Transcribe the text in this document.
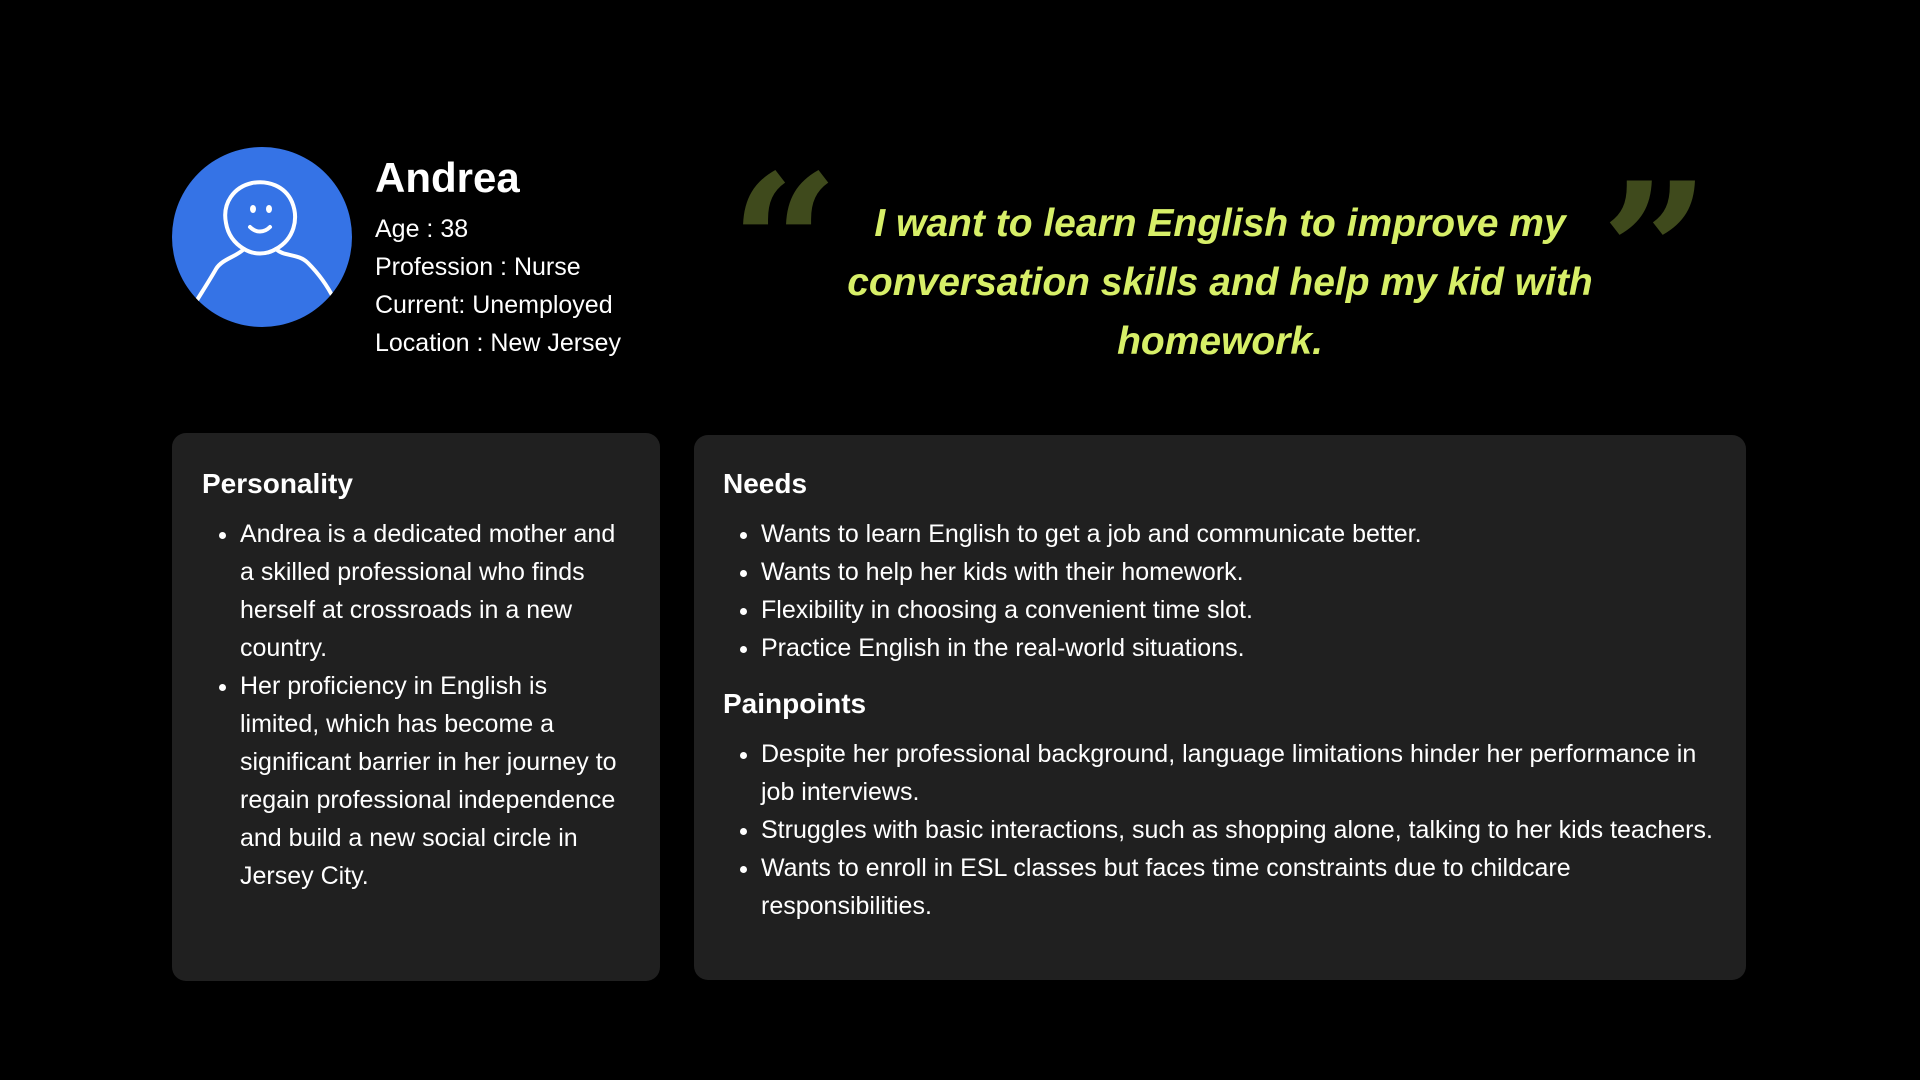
Andrea
Age : 38
Profession : Nurse
Current: Unemployed
Location : New Jersey “ I want to learn English to improve my conversation skills and help my kid with homework.	”
Personality
• Andrea is a dedicated mother and a skilled professional who finds herself at crossroads in a new country.
• Her proficiency in English is limited, which has become a significant barrier in her journey to regain professional independence and build a new social circle in Jersey City.
Needs
• Wants to learn English to get a job and communicate better.
• Wants to help her kids with their homework.
• Flexibility in choosing a convenient time slot.
• Practice English in the real-world situations.
Painpoints
• Despite her professional background, language limitations hinder her performance in job interviews.
• Struggles with basic interactions, such as shopping alone, talking to her kids teachers.
• Wants to enroll in ESL classes but faces time constraints due to childcare responsibilities.
